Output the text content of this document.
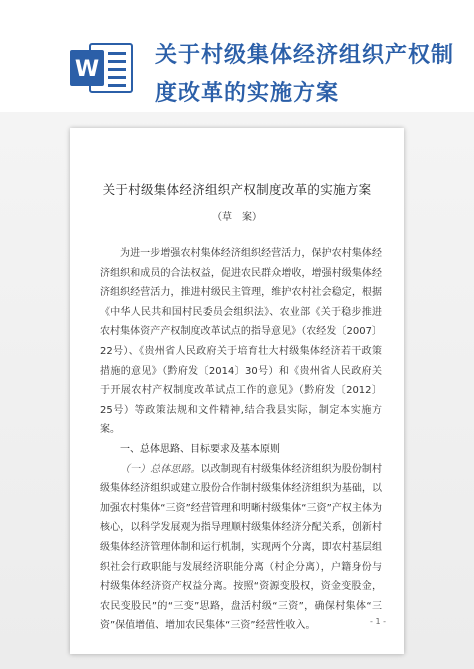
W
关于村级集体经济组织产权制度改革的实施方案
关于村级集体经济组织产权制度改革的实施方案
（草　案）

为进一步增强农村集体经济组织经营活力，保护农村集体经济组织和成员的合法权益，促进农民群众增收，增强村级集体经济组织经营活力，推进村级民主管理，维护农村社会稳定，根据《中华人民共和国村民委员会组织法》、农业部《关于稳步推进农村集体资产产权制度改革试点的指导意见》（农经发〔2007〕22号）、《贵州省人民政府关于培育壮大村级集体经济若干政策措施的意见》（黔府发〔2014〕30号）和《贵州省人民政府关于开展农村产权制度改革试点工作的意见》（黔府发〔2012〕25号）等政策法规和文件精神,结合我县实际，制定本实施方案。

一、总体思路、目标要求及基本原则

（一）总体思路。以改制现有村级集体经济组织为股份制村级集体经济组织或建立股份合作制村级集体经济组织为基础，以加强农村集体“三资”经营管理和明晰村级集体“三资”产权主体为核心，以科学发展观为指导理顺村级集体经济分配关系，创新村级集体经济管理体制和运行机制，实现两个分离，即农村基层组织社会行政职能与发展经济职能分离（村企分离），户籍身份与村级集体经济资产权益分离。按照“资源变股权，资金变股金，农民变股民”的“三变”思路，盘活村级“三资”，确保村集体“三资”保值增值、增加农民集体“三资”经营性收入。	- 1 -
